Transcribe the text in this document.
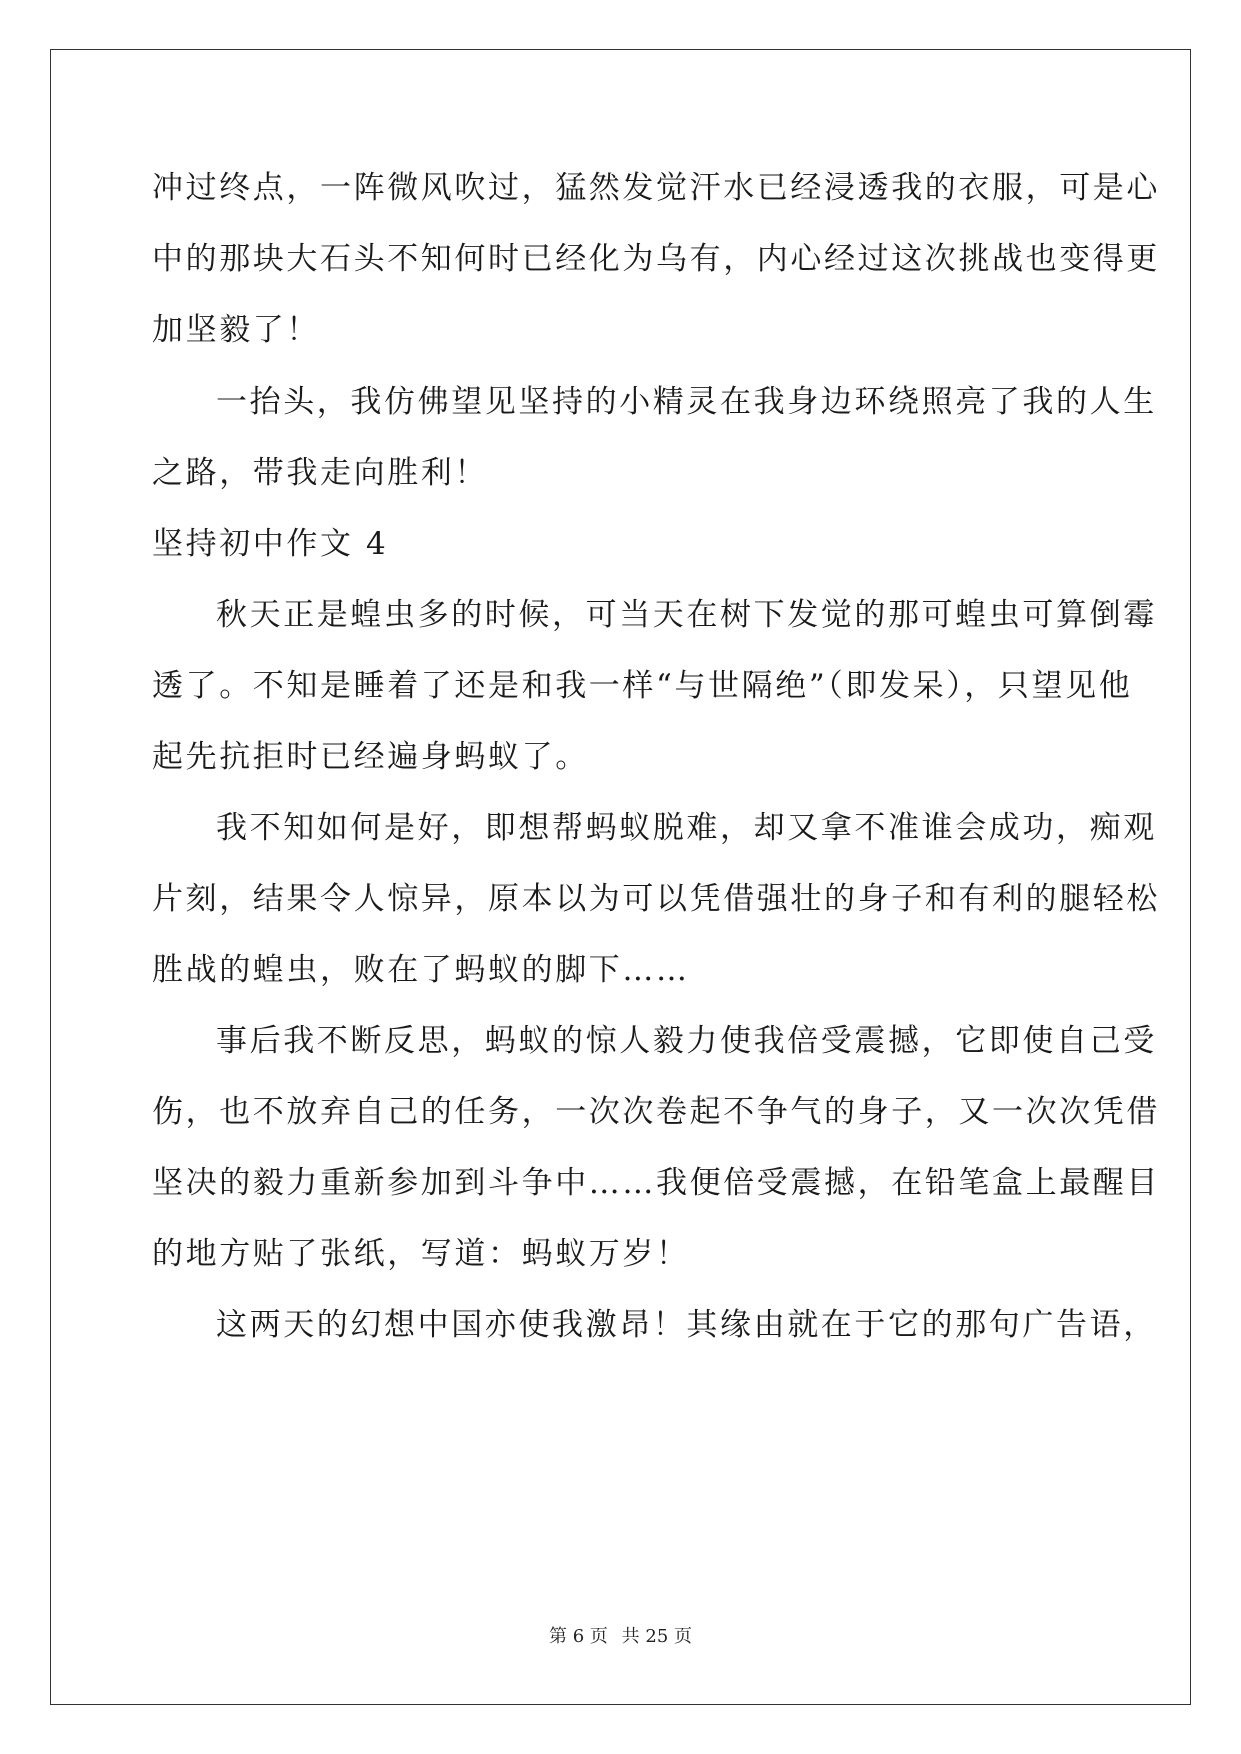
冲过终点，一阵微风吹过，猛然发觉汗水已经浸透我的衣服，可是心
中的那块大石头不知何时已经化为乌有，内心经过这次挑战也变得更
加坚毅了！
一抬头，我仿佛望见坚持的小精灵在我身边环绕照亮了我的人生
之路，带我走向胜利！
坚持初中作文 4
秋天正是蝗虫多的时候，可当天在树下发觉的那可蝗虫可算倒霉
透了。不知是睡着了还是和我一样“与世隔绝”（即发呆），只望见他
起先抗拒时已经遍身蚂蚁了。
我不知如何是好，即想帮蚂蚁脱难，却又拿不准谁会成功，痴观
片刻，结果令人惊异，原本以为可以凭借强壮的身子和有利的腿轻松
胜战的蝗虫，败在了蚂蚁的脚下……
事后我不断反思，蚂蚁的惊人毅力使我倍受震撼，它即使自己受
伤，也不放弃自己的任务，一次次卷起不争气的身子，又一次次凭借
坚决的毅力重新参加到斗争中……我便倍受震撼，在铅笔盒上最醒目
的地方贴了张纸，写道：蚂蚁万岁！
这两天的幻想中国亦使我激昂！其缘由就在于它的那句广告语，
第 6 页 共 25 页
